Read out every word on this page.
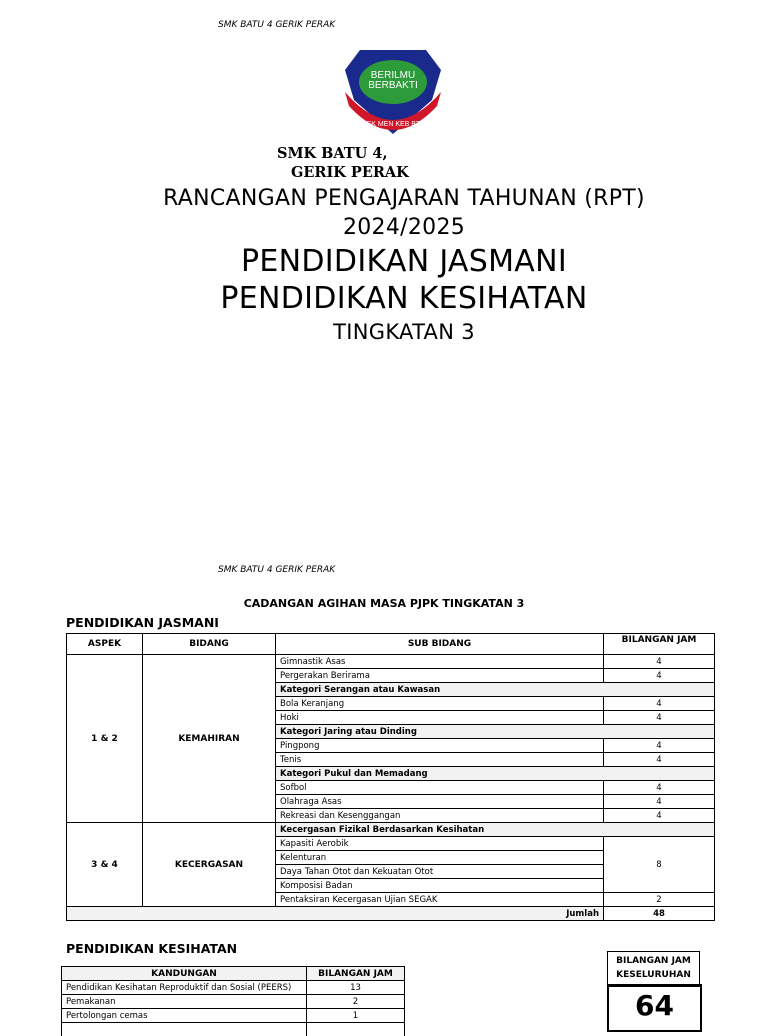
SMK BATU 4 GERIK PERAK
BERILMU
BERBAKTI
SEK MEN KEB BT4
SMK BATU 4,
GERIK PERAK
RANCANGAN PENGAJARAN TAHUNAN (RPT)
2024/2025
PENDIDIKAN JASMANI
PENDIDIKAN KESIHATAN
TINGKATAN 3
SMK BATU 4 GERIK PERAK
CADANGAN AGIHAN MASA PJPK TINGKATAN 3
PENDIDIKAN JASMANI
ASPEK	BIDANG	SUB BIDANG	BILANGAN JAM
1 & 2	KEMAHIRAN	Gimnastik Asas	4
		Pergerakan Berirama	4
		Kategori Serangan atau Kawasan	
		Bola Keranjang	4
		Hoki	4
		Kategori Jaring atau Dinding	
		Pingpong	4
		Tenis	4
		Kategori Pukul dan Memadang	
		Sofbol	4
		Olahraga Asas	4
		Rekreasi dan Kesenggangan	4
3 & 4	KECERGASAN	Kecergasan Fizikal Berdasarkan Kesihatan	
		Kapasiti Aerobik	8
		Kelenturan	
		Daya Tahan Otot dan Kekuatan Otot	
		Komposisi Badan	
		Pentaksiran Kecergasan Ujian SEGAK	2
Jumlah			48
PENDIDIKAN KESIHATAN
KANDUNGAN	BILANGAN JAM
Pendidikan Kesihatan Reproduktif dan Sosial (PEERS)	13
Pemakanan	2
Pertolongan cemas	1

BILANGAN JAM
KESELURUHAN
64
